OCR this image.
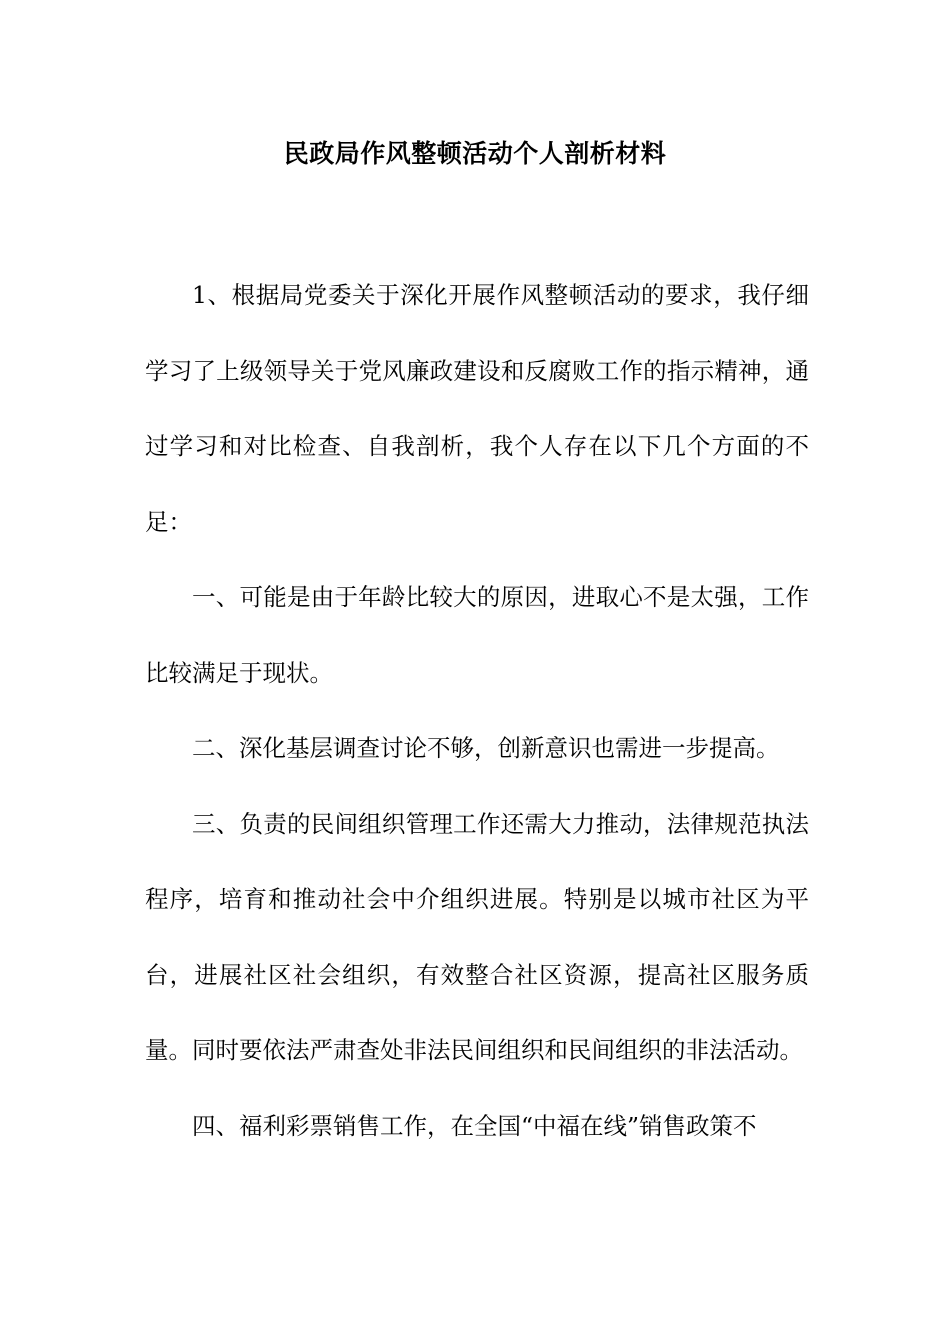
民政局作风整顿活动个人剖析材料

1、根据局党委关于深化开展作风整顿活动的要求，我仔细学习了上级领导关于党风廉政建设和反腐败工作的指示精神，通过学习和对比检查、自我剖析，我个人存在以下几个方面的不足：

一、可能是由于年龄比较大的原因，进取心不是太强，工作比较满足于现状。

二、深化基层调查讨论不够，创新意识也需进一步提高。

三、负责的民间组织管理工作还需大力推动，法律规范执法程序，培育和推动社会中介组织进展。特别是以城市社区为平台，进展社区社会组织，有效整合社区资源，提高社区服务质量。同时要依法严肃查处非法民间组织和民间组织的非法活动。

四、福利彩票销售工作，在全国“中福在线”销售政策不
